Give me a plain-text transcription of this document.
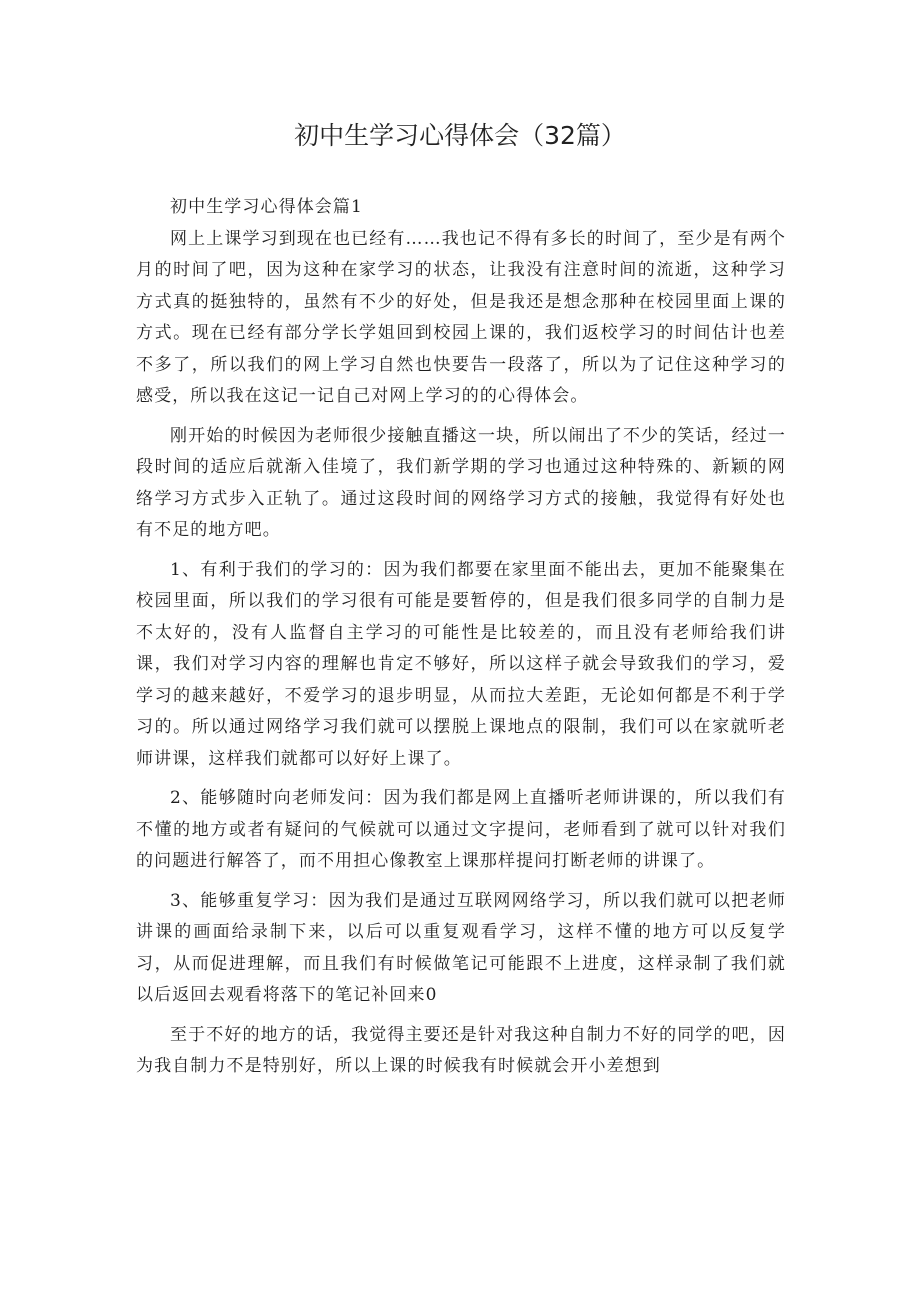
初中生学习心得体会（32篇）

初中生学习心得体会篇1

网上上课学习到现在也已经有……我也记不得有多长的时间了，至少是有两个月的时间了吧，因为这种在家学习的状态，让我没有注意时间的流逝，这种学习方式真的挺独特的，虽然有不少的好处，但是我还是想念那种在校园里面上课的方式。现在已经有部分学长学姐回到校园上课的，我们返校学习的时间估计也差不多了，所以我们的网上学习自然也快要告一段落了，所以为了记住这种学习的感受，所以我在这记一记自己对网上学习的的心得体会。

刚开始的时候因为老师很少接触直播这一块，所以闹出了不少的笑话，经过一段时间的适应后就渐入佳境了，我们新学期的学习也通过这种特殊的、新颖的网络学习方式步入正轨了。通过这段时间的网络学习方式的接触，我觉得有好处也有不足的地方吧。

1、有利于我们的学习的：因为我们都要在家里面不能出去，更加不能聚集在校园里面，所以我们的学习很有可能是要暂停的，但是我们很多同学的自制力是不太好的，没有人监督自主学习的可能性是比较差的，而且没有老师给我们讲课，我们对学习内容的理解也肯定不够好，所以这样子就会导致我们的学习，爱学习的越来越好，不爱学习的退步明显，从而拉大差距，无论如何都是不利于学习的。所以通过网络学习我们就可以摆脱上课地点的限制，我们可以在家就听老师讲课，这样我们就都可以好好上课了。

2、能够随时向老师发问：因为我们都是网上直播听老师讲课的，所以我们有不懂的地方或者有疑问的气候就可以通过文字提问，老师看到了就可以针对我们的问题进行解答了，而不用担心像教室上课那样提问打断老师的讲课了。

3、能够重复学习：因为我们是通过互联网网络学习，所以我们就可以把老师讲课的画面给录制下来，以后可以重复观看学习，这样不懂的地方可以反复学习，从而促进理解，而且我们有时候做笔记可能跟不上进度，这样录制了我们就以后返回去观看将落下的笔记补回来0

至于不好的地方的话，我觉得主要还是针对我这种自制力不好的同学的吧，因为我自制力不是特别好，所以上课的时候我有时候就会开小差想到
